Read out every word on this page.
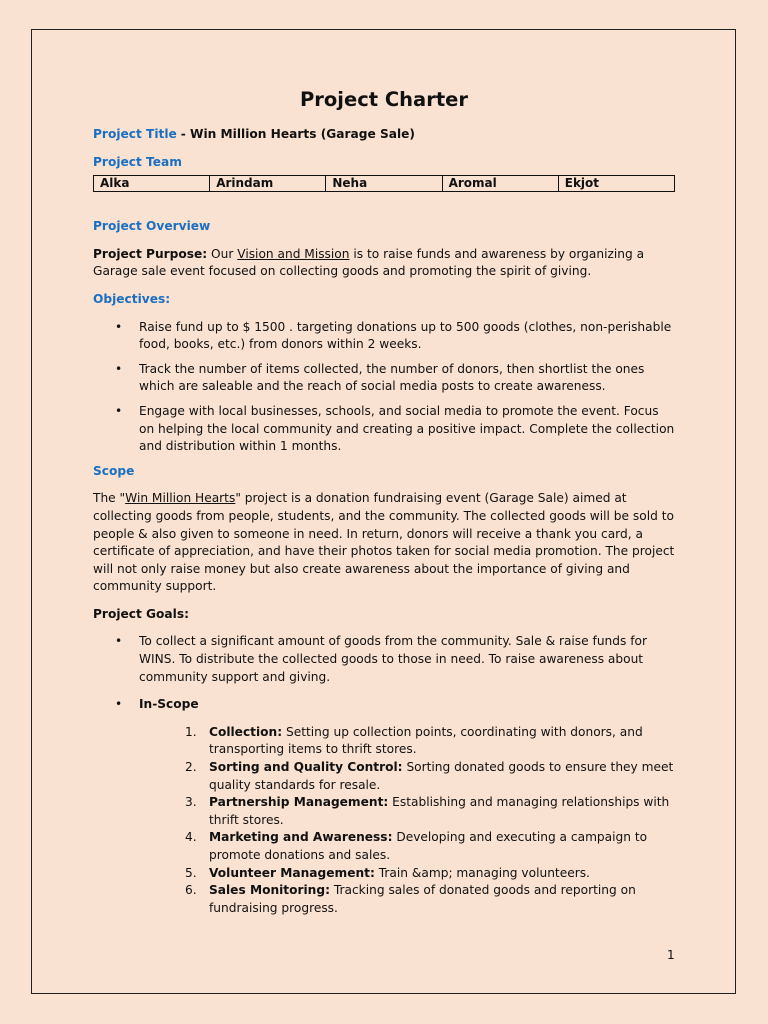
Project Charter
Project Title - Win Million Hearts (Garage Sale)
Project Team
Alka	Arindam	Neha	Aromal	Ekjot
Project Overview
Project Purpose: Our Vision and Mission is to raise funds and awareness by organizing a Garage sale event focused on collecting goods and promoting the spirit of giving.
Objectives:
• Raise fund up to $ 1500 . targeting donations up to 500 goods (clothes, non-perishable food, books, etc.) from donors within 2 weeks.
• Track the number of items collected, the number of donors, then shortlist the ones which are saleable and the reach of social media posts to create awareness.
• Engage with local businesses, schools, and social media to promote the event. Focus on helping the local community and creating a positive impact. Complete the collection and distribution within 1 months.
Scope
The "Win Million Hearts" project is a donation fundraising event (Garage Sale) aimed at collecting goods from people, students, and the community. The collected goods will be sold to people & also given to someone in need. In return, donors will receive a thank you card, a certificate of appreciation, and have their photos taken for social media promotion. The project will not only raise money but also create awareness about the importance of giving and community support.
Project Goals:
• To collect a significant amount of goods from the community. Sale & raise funds for WINS. To distribute the collected goods to those in need. To raise awareness about community support and giving.
• In-Scope
1. Collection: Setting up collection points, coordinating with donors, and transporting items to thrift stores.
2. Sorting and Quality Control: Sorting donated goods to ensure they meet quality standards for resale.
3. Partnership Management: Establishing and managing relationships with thrift stores.
4. Marketing and Awareness: Developing and executing a campaign to promote donations and sales.
5. Volunteer Management: Train &amp; managing volunteers.
6. Sales Monitoring: Tracking sales of donated goods and reporting on fundraising progress.
1
